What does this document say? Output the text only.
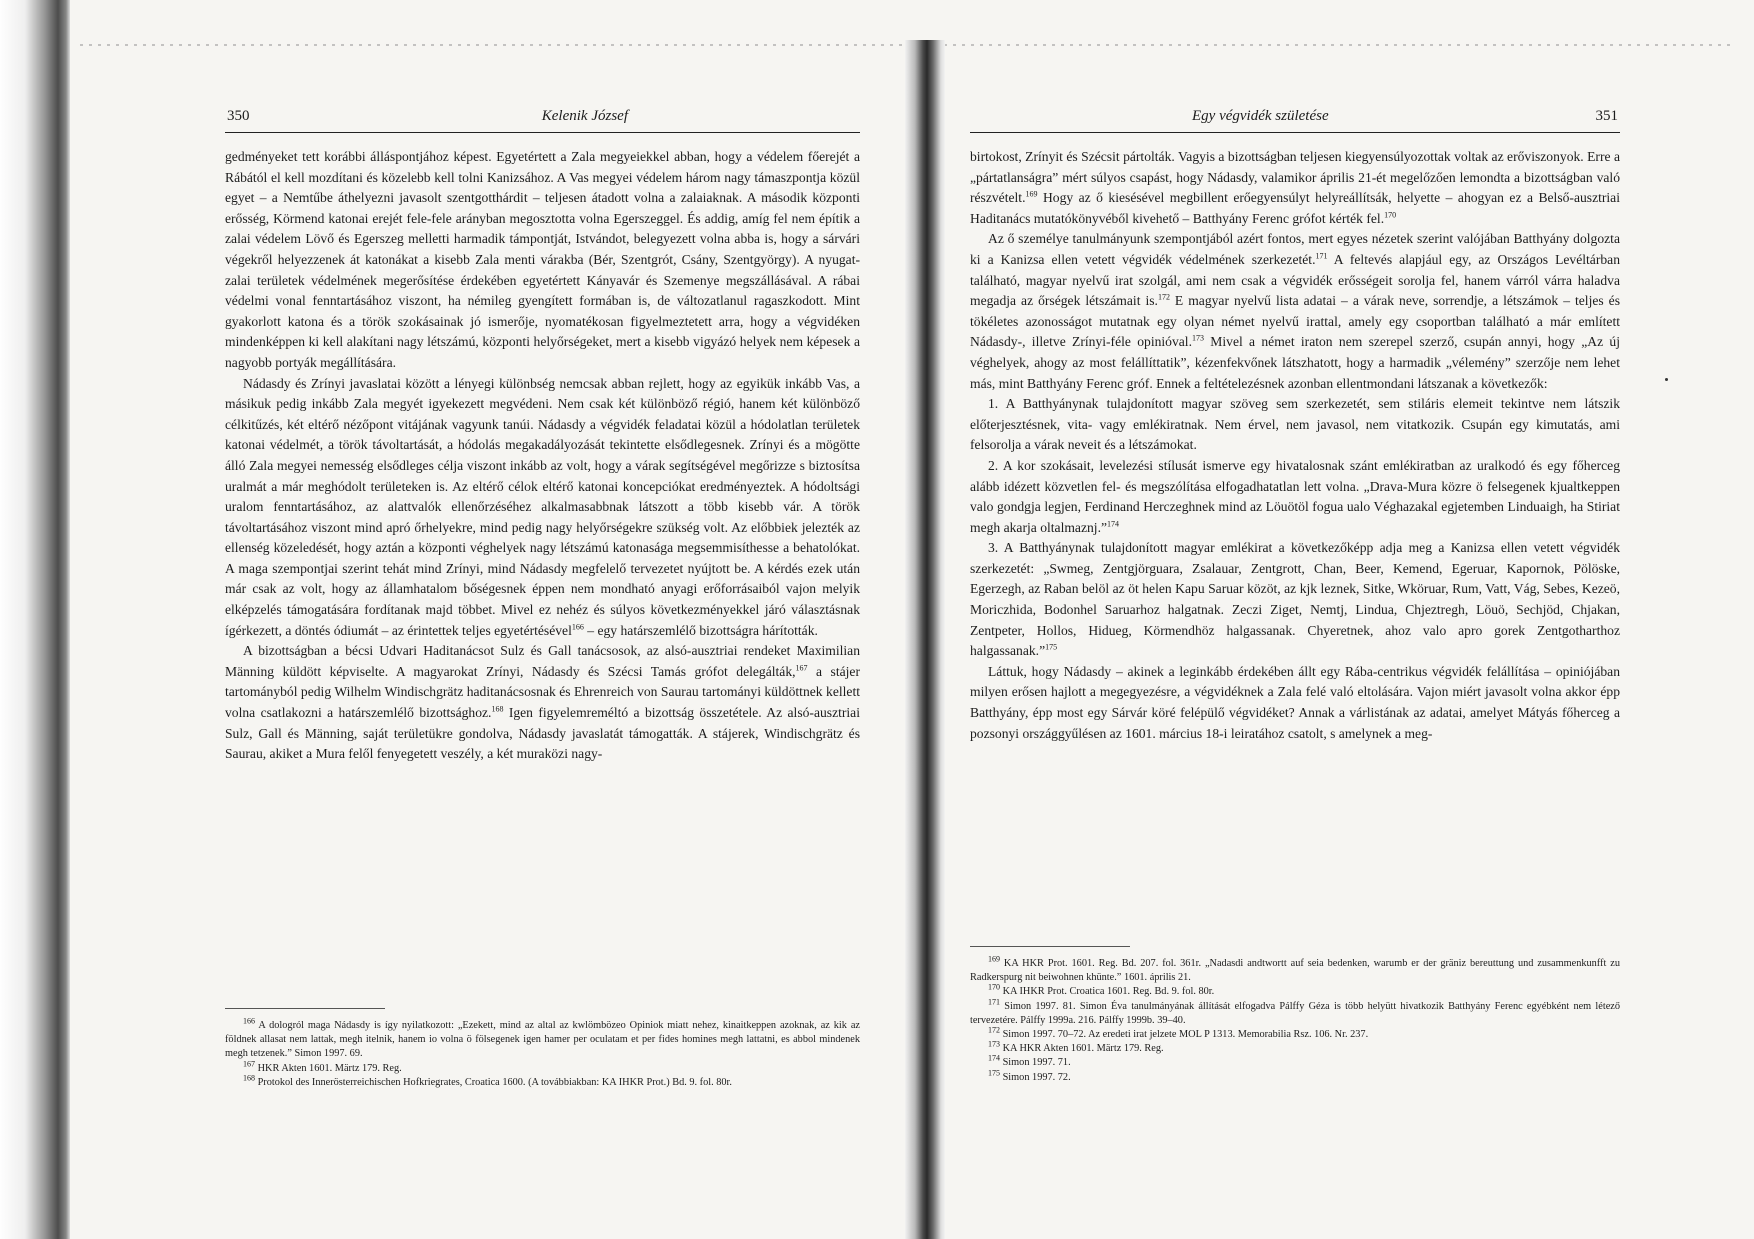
350	Kelenik József

gedményeket tett korábbi álláspontjához képest. Egyetértett a Zala megyeiekkel abban, hogy a védelem főerejét a Rábától el kell mozdítani és közelebb kell tolni Kanizsához. A Vas megyei védelem három nagy támaszpontja közül egyet – a Nemtűbe áthelyezni javasolt szentgotthárdit – teljesen átadott volna a zalaiaknak. A második központi erősség, Körmend katonai erejét fele-fele arányban megosztotta volna Egerszeggel. És addig, amíg fel nem építik a zalai védelem Lövő és Egerszeg melletti harmadik támpontját, Istvándot, belegyezett volna abba is, hogy a sárvári végekről helyezzenek át katonákat a kisebb Zala menti várakba (Bér, Szentgrót, Csány, Szentgyörgy). A nyugat-zalai területek védelmének megerősítése érdekében egyetértett Kányavár és Szemenye megszállásával. A rábai védelmi vonal fenntartásához viszont, ha némileg gyengített formában is, de változatlanul ragaszkodott. Mint gyakorlott katona és a török szokásainak jó ismerője, nyomatékosan figyelmeztetett arra, hogy a végvidéken mindenképpen ki kell alakítani nagy létszámú, központi helyőrségeket, mert a kisebb vigyázó helyek nem képesek a nagyobb portyák megállítására.

Nádasdy és Zrínyi javaslatai között a lényegi különbség nemcsak abban rejlett, hogy az egyikük inkább Vas, a másikuk pedig inkább Zala megyét igyekezett megvédeni. Nem csak két különböző régió, hanem két különböző célkitűzés, két eltérő nézőpont vitájának vagyunk tanúi. Nádasdy a végvidék feladatai közül a hódolatlan területek katonai védelmét, a török távoltartását, a hódolás megakadályozását tekintette elsődlegesnek. Zrínyi és a mögötte álló Zala megyei nemesség elsődleges célja viszont inkább az volt, hogy a várak segítségével megőrizze s biztosítsa uralmát a már meghódolt területeken is. Az eltérő célok eltérő katonai koncepciókat eredményeztek. A hódoltsági uralom fenntartásához, az alattvalók ellenőrzéséhez alkalmasabbnak látszott a több kisebb vár. A török távoltartásához viszont mind apró őrhelyekre, mind pedig nagy helyőrségekre szükség volt. Az előbbiek jelezték az ellenség közeledését, hogy aztán a központi véghelyek nagy létszámú katonasága megsemmisíthesse a behatolókat. A maga szempontjai szerint tehát mind Zrínyi, mind Nádasdy megfelelő tervezetet nyújtott be. A kérdés ezek után már csak az volt, hogy az államhatalom bőségesnek éppen nem mondható anyagi erőforrásaiból vajon melyik elképzelés támogatására fordítanak majd többet. Mivel ez nehéz és súlyos következményekkel járó választásnak ígérkezett, a döntés ódiumát – az érintettek teljes egyetértésével$^{166}$ – egy határszemlélő bizottságra hárították.

A bizottságban a bécsi Udvari Haditanácsot Sulz és Gall tanácsosok, az alsó-ausztriai rendeket Maximilian Männing küldött képviselte. A magyarokat Zrínyi, Nádasdy és Szécsi Tamás grófot delegálták,$^{167}$ a stájer tartományból pedig Wilhelm Windischgrätz haditanácsosnak és Ehrenreich von Saurau tartományi küldöttnek kellett volna csatlakozni a határszemlélő bizottsághoz.$^{168}$ Igen figyelemreméltó a bizottság összetétele. Az alsó-ausztriai Sulz, Gall és Männing, saját területükre gondolva, Nádasdy javaslatát támogatták. A stájerek, Windischgrätz és Saurau, akiket a Mura felől fenyegetett veszély, a két muraközi nagy-

$^{166}$ A dologról maga Nádasdy is így nyilatkozott: „Ezekett, mind az altal az kwlömbözeo Opiniok miatt nehez, kinaitkeppen azoknak, az kik az földnek allasat nem lattak, megh itelnik, hanem io volna ö fölsegenek igen hamer per oculatam et per fides homines megh lattatni, es abbol mindenek megh tetzenek.” Simon 1997. 69.

$^{167}$ HKR Akten 1601. Märtz 179. Reg.

$^{168}$ Protokol des Innerösterreichischen Hofkriegrates, Croatica 1600. (A továbbiakban: KA IHKR Prot.) Bd. 9. fol. 80r.

Egy végvidék születése	351

birtokost, Zrínyit és Szécsit pártolták. Vagyis a bizottságban teljesen kiegyensúlyozottak voltak az erőviszonyok. Erre a „pártatlanságra” mért súlyos csapást, hogy Nádasdy, valamikor április 21-ét megelőzően lemondta a bizottságban való részvételt.$^{169}$ Hogy az ő kiesésével megbillent erőegyensúlyt helyreállítsák, helyette – ahogyan ez a Belső-ausztriai Haditanács mutatókönyvéből kivehető – Batthyány Ferenc grófot kérték fel.$^{170}$

Az ő személye tanulmányunk szempontjából azért fontos, mert egyes nézetek szerint valójában Batthyány dolgozta ki a Kanizsa ellen vetett végvidék védelmének szerkezetét.$^{171}$ A feltevés alapjául egy, az Országos Levéltárban található, magyar nyelvű irat szolgál, ami nem csak a végvidék erősségeit sorolja fel, hanem várról várra haladva megadja az őrségek létszámait is.$^{172}$ E magyar nyelvű lista adatai – a várak neve, sorrendje, a létszámok – teljes és tökéletes azonosságot mutatnak egy olyan német nyelvű irattal, amely egy csoportban található a már említett Nádasdy-, illetve Zrínyi-féle opinióval.$^{173}$ Mivel a német iraton nem szerepel szerző, csupán annyi, hogy „Az új véghelyek, ahogy az most felállíttatik”, kézenfekvőnek látszhatott, hogy a harmadik „vélemény” szerzője nem lehet más, mint Batthyány Ferenc gróf. Ennek a feltételezésnek azonban ellentmondani látszanak a következők:

1. A Batthyánynak tulajdonított magyar szöveg sem szerkezetét, sem stiláris elemeit tekintve nem látszik előterjesztésnek, vita- vagy emlékiratnak. Nem érvel, nem javasol, nem vitatkozik. Csupán egy kimutatás, ami felsorolja a várak neveit és a létszámokat.

2. A kor szokásait, levelezési stílusát ismerve egy hivatalosnak szánt emlékiratban az uralkodó és egy főherceg alább idézett közvetlen fel- és megszólítása elfogadhatatlan lett volna. „Drava-Mura közre ö felsegenek kjualtkeppen valo gondgja legjen, Ferdinand Herczeghnek mind az Löuötöl fogua ualo Véghazakal egjetemben Linduaigh, ha Stiriat megh akarja oltalmaznj.”$^{174}$

3. A Batthyánynak tulajdonított magyar emlékirat a következőképp adja meg a Kanizsa ellen vetett végvidék szerkezetét: „Swmeg, Zentgjörguara, Zsalauar, Zentgrott, Chan, Beer, Kemend, Egeruar, Kapornok, Pölöske, Egerzegh, az Raban belöl az öt helen Kapu Saruar közöt, az kjk leznek, Sitke, Wköruar, Rum, Vatt, Vág, Sebes, Kezeö, Moriczhida, Bodonhel Saruarhoz halgatnak. Zeczi Ziget, Nemtj, Lindua, Chjeztregh, Löuö, Sechjöd, Chjakan, Zentpeter, Hollos, Hidueg, Körmendhöz halgassanak. Chyeretnek, ahoz valo apro gorek Zentgotharthoz halgassanak.”$^{175}$

Láttuk, hogy Nádasdy – akinek a leginkább érdekében állt egy Rába-centrikus végvidék felállítása – opiniójában milyen erősen hajlott a megegyezésre, a végvidéknek a Zala felé való eltolására. Vajon miért javasolt volna akkor épp Batthyány, épp most egy Sárvár köré felépülő végvidéket? Annak a várlistának az adatai, amelyet Mátyás főherceg a pozsonyi országgyűlésen az 1601. március 18-i leiratához csatolt, s amelynek a meg-

$^{169}$ KA HKR Prot. 1601. Reg. Bd. 207. fol. 361r. „Nadasdi andtwortt auf seia bedenken, warumb er der gräniz bereuttung und zusammenkunfft zu Radkerspurg nit beiwohnen khünte.” 1601. április 21.

$^{170}$ KA IHKR Prot. Croatica 1601. Reg. Bd. 9. fol. 80r.

$^{171}$ Simon 1997. 81. Simon Éva tanulmányának állítását elfogadva Pálffy Géza is több helyütt hivatkozik Batthyány Ferenc egyébként nem létező tervezetére. Pálffy 1999a. 216. Pálffy 1999b. 39–40.

$^{172}$ Simon 1997. 70–72. Az eredeti irat jelzete MOL P 1313. Memorabilia Rsz. 106. Nr. 237.

$^{173}$ KA HKR Akten 1601. Märtz 179. Reg.

$^{174}$ Simon 1997. 71.

$^{175}$ Simon 1997. 72.
